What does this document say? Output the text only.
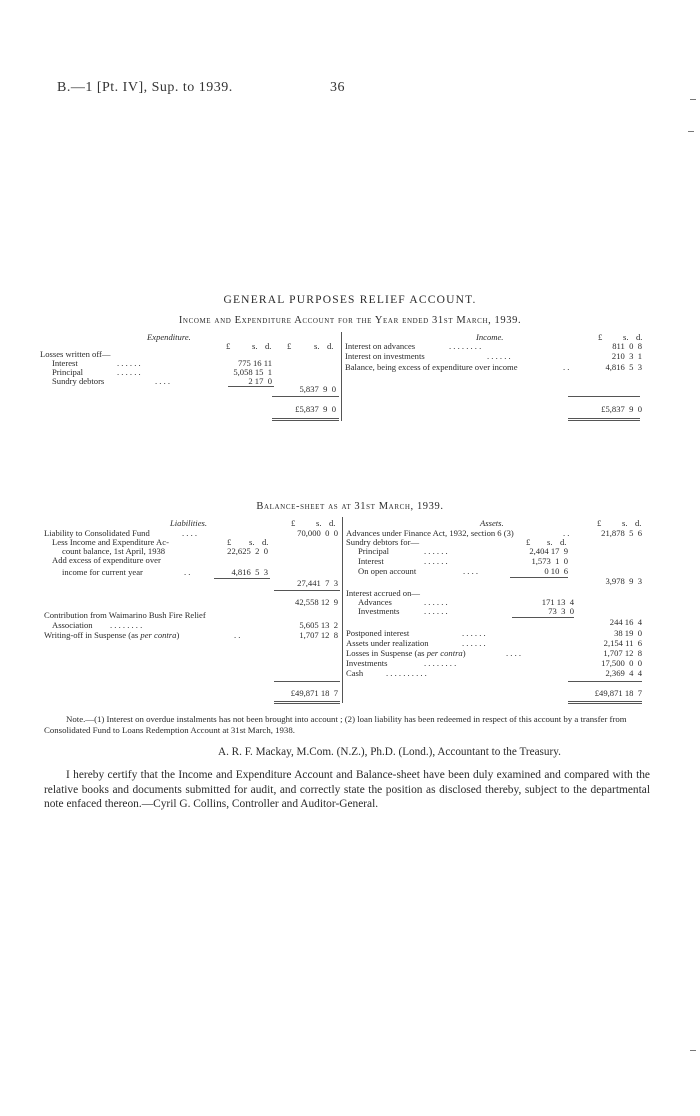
B.—1 [Pt. IV], Sup. to 1939.	36
GENERAL PURPOSES RELIEF ACCOUNT.
Income and Expenditure Account for the Year ended 31st March, 1939.
Expenditure.
£	s. d. £	s. d.
Losses written off—
Interest	. . . . . .	775 16 11
Principal	. . . . . .	5,058 15  1
Sundry debtors	. . . .	2 17  0
5,837  9  0
£5,837  9  0
Income.	£ s. d.
Interest on advances	. . . . . . . .	811  0  8
Interest on investments	. . . . . .	210  3  1
Balance, being excess of expenditure over income	. .	4,816  5  3
£5,837  9  0
Balance-sheet as at 31st March, 1939.
Liabilities.	£ s. d.
Liability to Consolidated Fund	. . . .	70,000  0  0
Less Income and Expenditure Ac-	£ s. d.
count balance, 1st April, 1938	22,625  2  0
Add excess of expenditure over
income for current year	. .	4,816  5  3
27,441  7  3
42,558 12  9
Contribution from Waimarino Bush Fire Relief
Association . . . . . . . .	5,605 13  2
Writing-off in Suspense (as per contra)	. .	1,707 12  8
£49,871 18  7
Assets.	£ s. d.
Advances under Finance Act, 1932, section 6 (3)	. .	21,878  5  6
Sundry debtors for—	£ s. d.
Principal	. . . . . .	2,404 17  9
Interest	. . . . . .	1,573  1  0
On open account	. . . .	0 10  6
3,978  9  3
Interest accrued on—
Advances	. . . . . .	171 13  4
Investments	. . . . . .	73  3  0
244 16  4
Postponed interest	. . . . . .	38 19  0
Assets under realization	. . . . . .	2,154 11  6
Losses in Suspense (as per contra)	. . . .	1,707 12  8
Investments	. . . . . . . .	17,500  0  0
Cash	. . . . . . . . . .	2,369  4  4
£49,871 18  7
Note.—(1) Interest on overdue instalments has not been brought into account ; (2) loan liability has been redeemed in respect of this account by a transfer from Consolidated Fund to Loans Redemption Account at 31st March, 1938.
A. R. F. Mackay, M.Com. (N.Z.), Ph.D. (Lond.), Accountant to the Treasury.
I hereby certify that the Income and Expenditure Account and Balance-sheet have been duly examined and compared with the relative books and documents submitted for audit, and correctly state the position as disclosed thereby, subject to the departmental note enfaced thereon.—Cyril G. Collins, Controller and Auditor-General.
